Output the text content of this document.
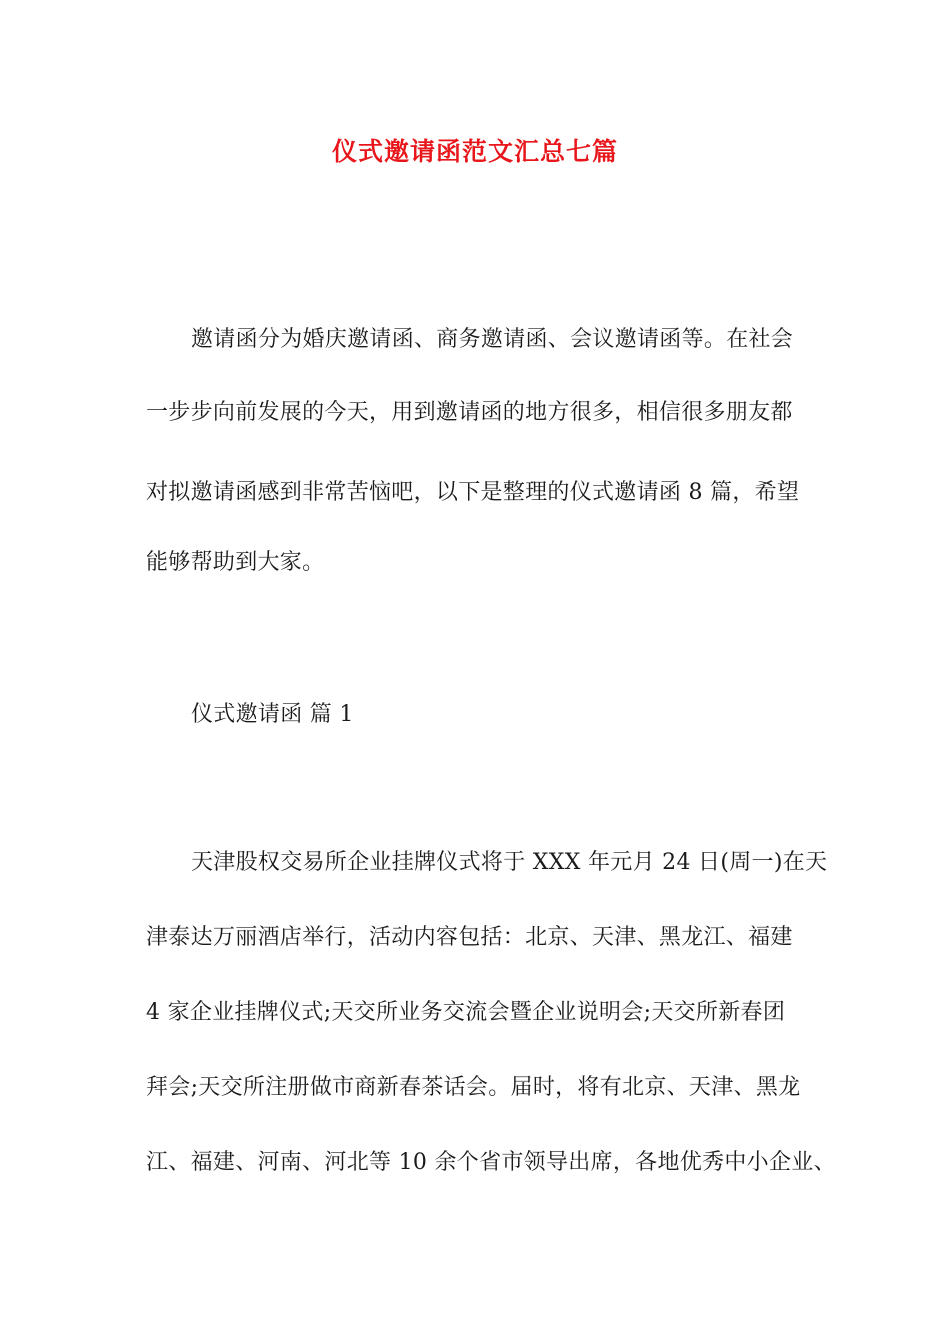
仪式邀请函范文汇总七篇
邀请函分为婚庆邀请函、商务邀请函、会议邀请函等。在社会
一步步向前发展的今天，用到邀请函的地方很多，相信很多朋友都
对拟邀请函感到非常苦恼吧，以下是整理的仪式邀请函 8 篇，希望
能够帮助到大家。
仪式邀请函 篇 1
天津股权交易所企业挂牌仪式将于 XXX 年元月 24 日(周一)在天
津泰达万丽酒店举行，活动内容包括：北京、天津、黑龙江、福建
4 家企业挂牌仪式;天交所业务交流会暨企业说明会;天交所新春团
拜会;天交所注册做市商新春茶话会。届时，将有北京、天津、黑龙
江、福建、河南、河北等 10 余个省市领导出席，各地优秀中小企业、
